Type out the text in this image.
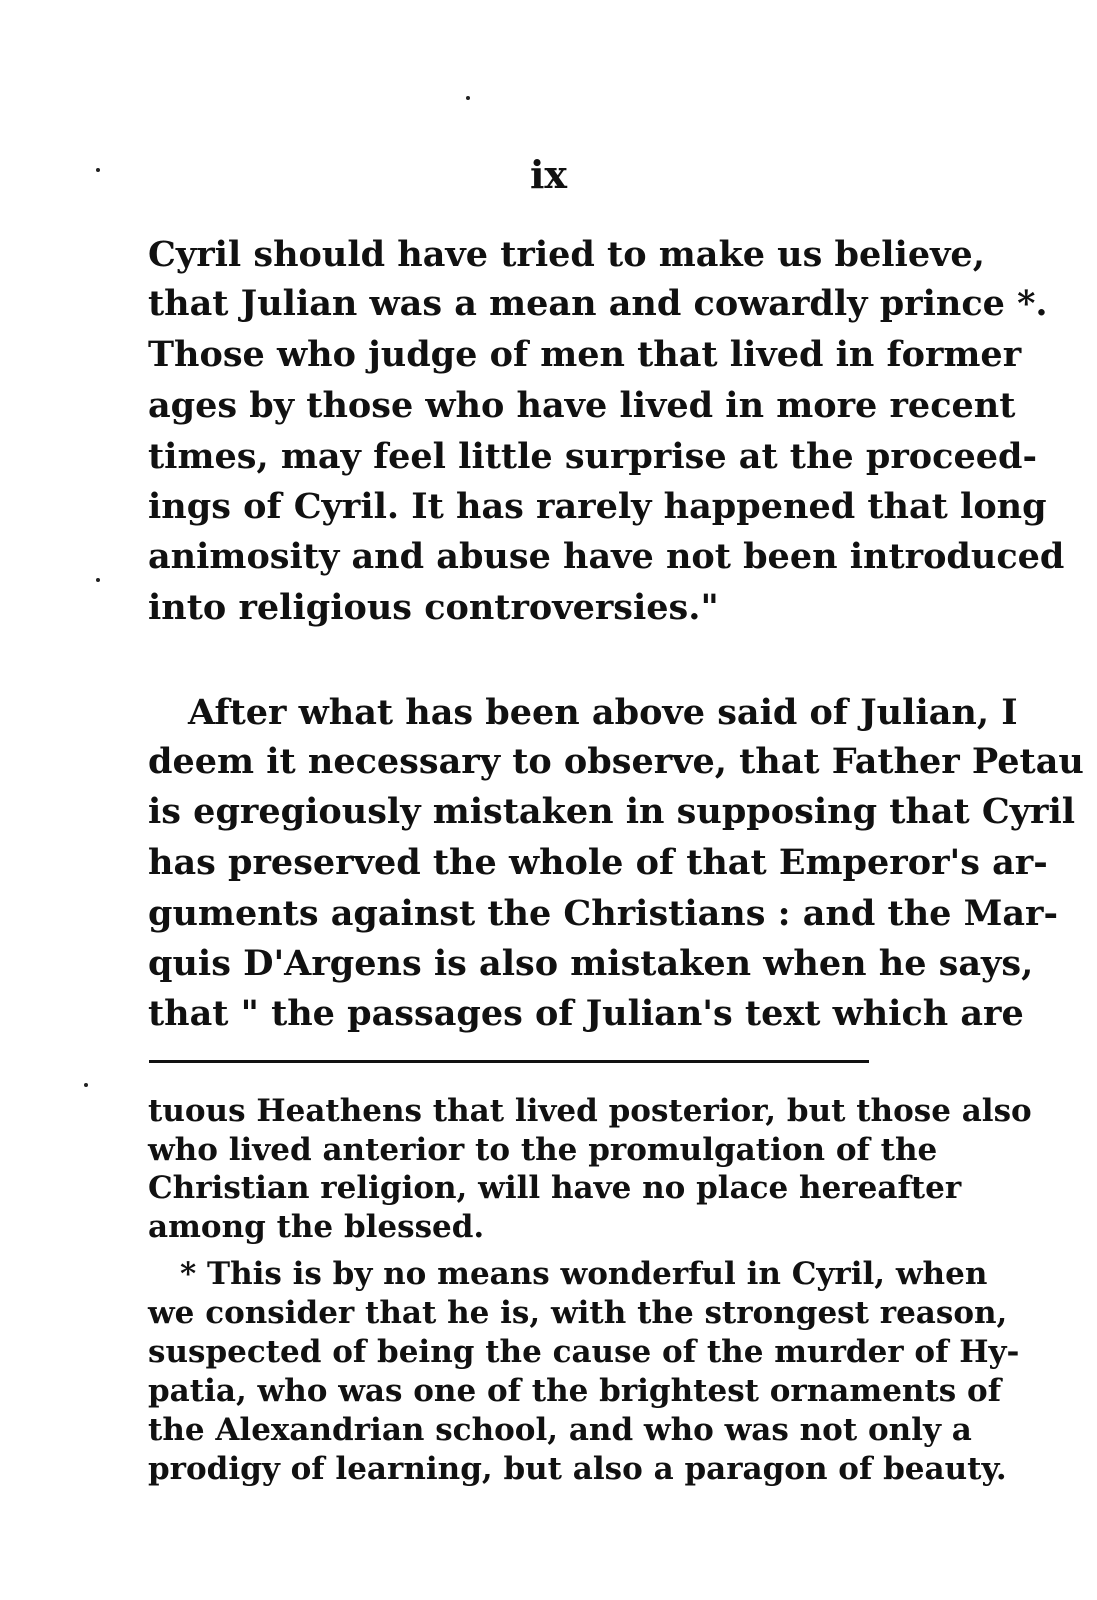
ix
Cyril should have tried to make us believe,
that Julian was a mean and cowardly prince *.
Those who judge of men that lived in former
ages by those who have lived in more recent
times, may feel little surprise at the proceed-
ings of Cyril. It has rarely happened that long
animosity and abuse have not been introduced
into religious controversies."
After what has been above said of Julian, I
deem it necessary to observe, that Father Petau
is egregiously mistaken in supposing that Cyril
has preserved the whole of that Emperor's ar-
guments against the Christians : and the Mar-
quis D'Argens is also mistaken when he says,
that " the passages of Julian's text which are
tuous Heathens that lived posterior, but those also
who lived anterior to the promulgation of the
Christian religion, will have no place hereafter
among the blessed.
* This is by no means wonderful in Cyril, when
we consider that he is, with the strongest reason,
suspected of being the cause of the murder of Hy-
patia, who was one of the brightest ornaments of
the Alexandrian school, and who was not only a
prodigy of learning, but also a paragon of beauty.
